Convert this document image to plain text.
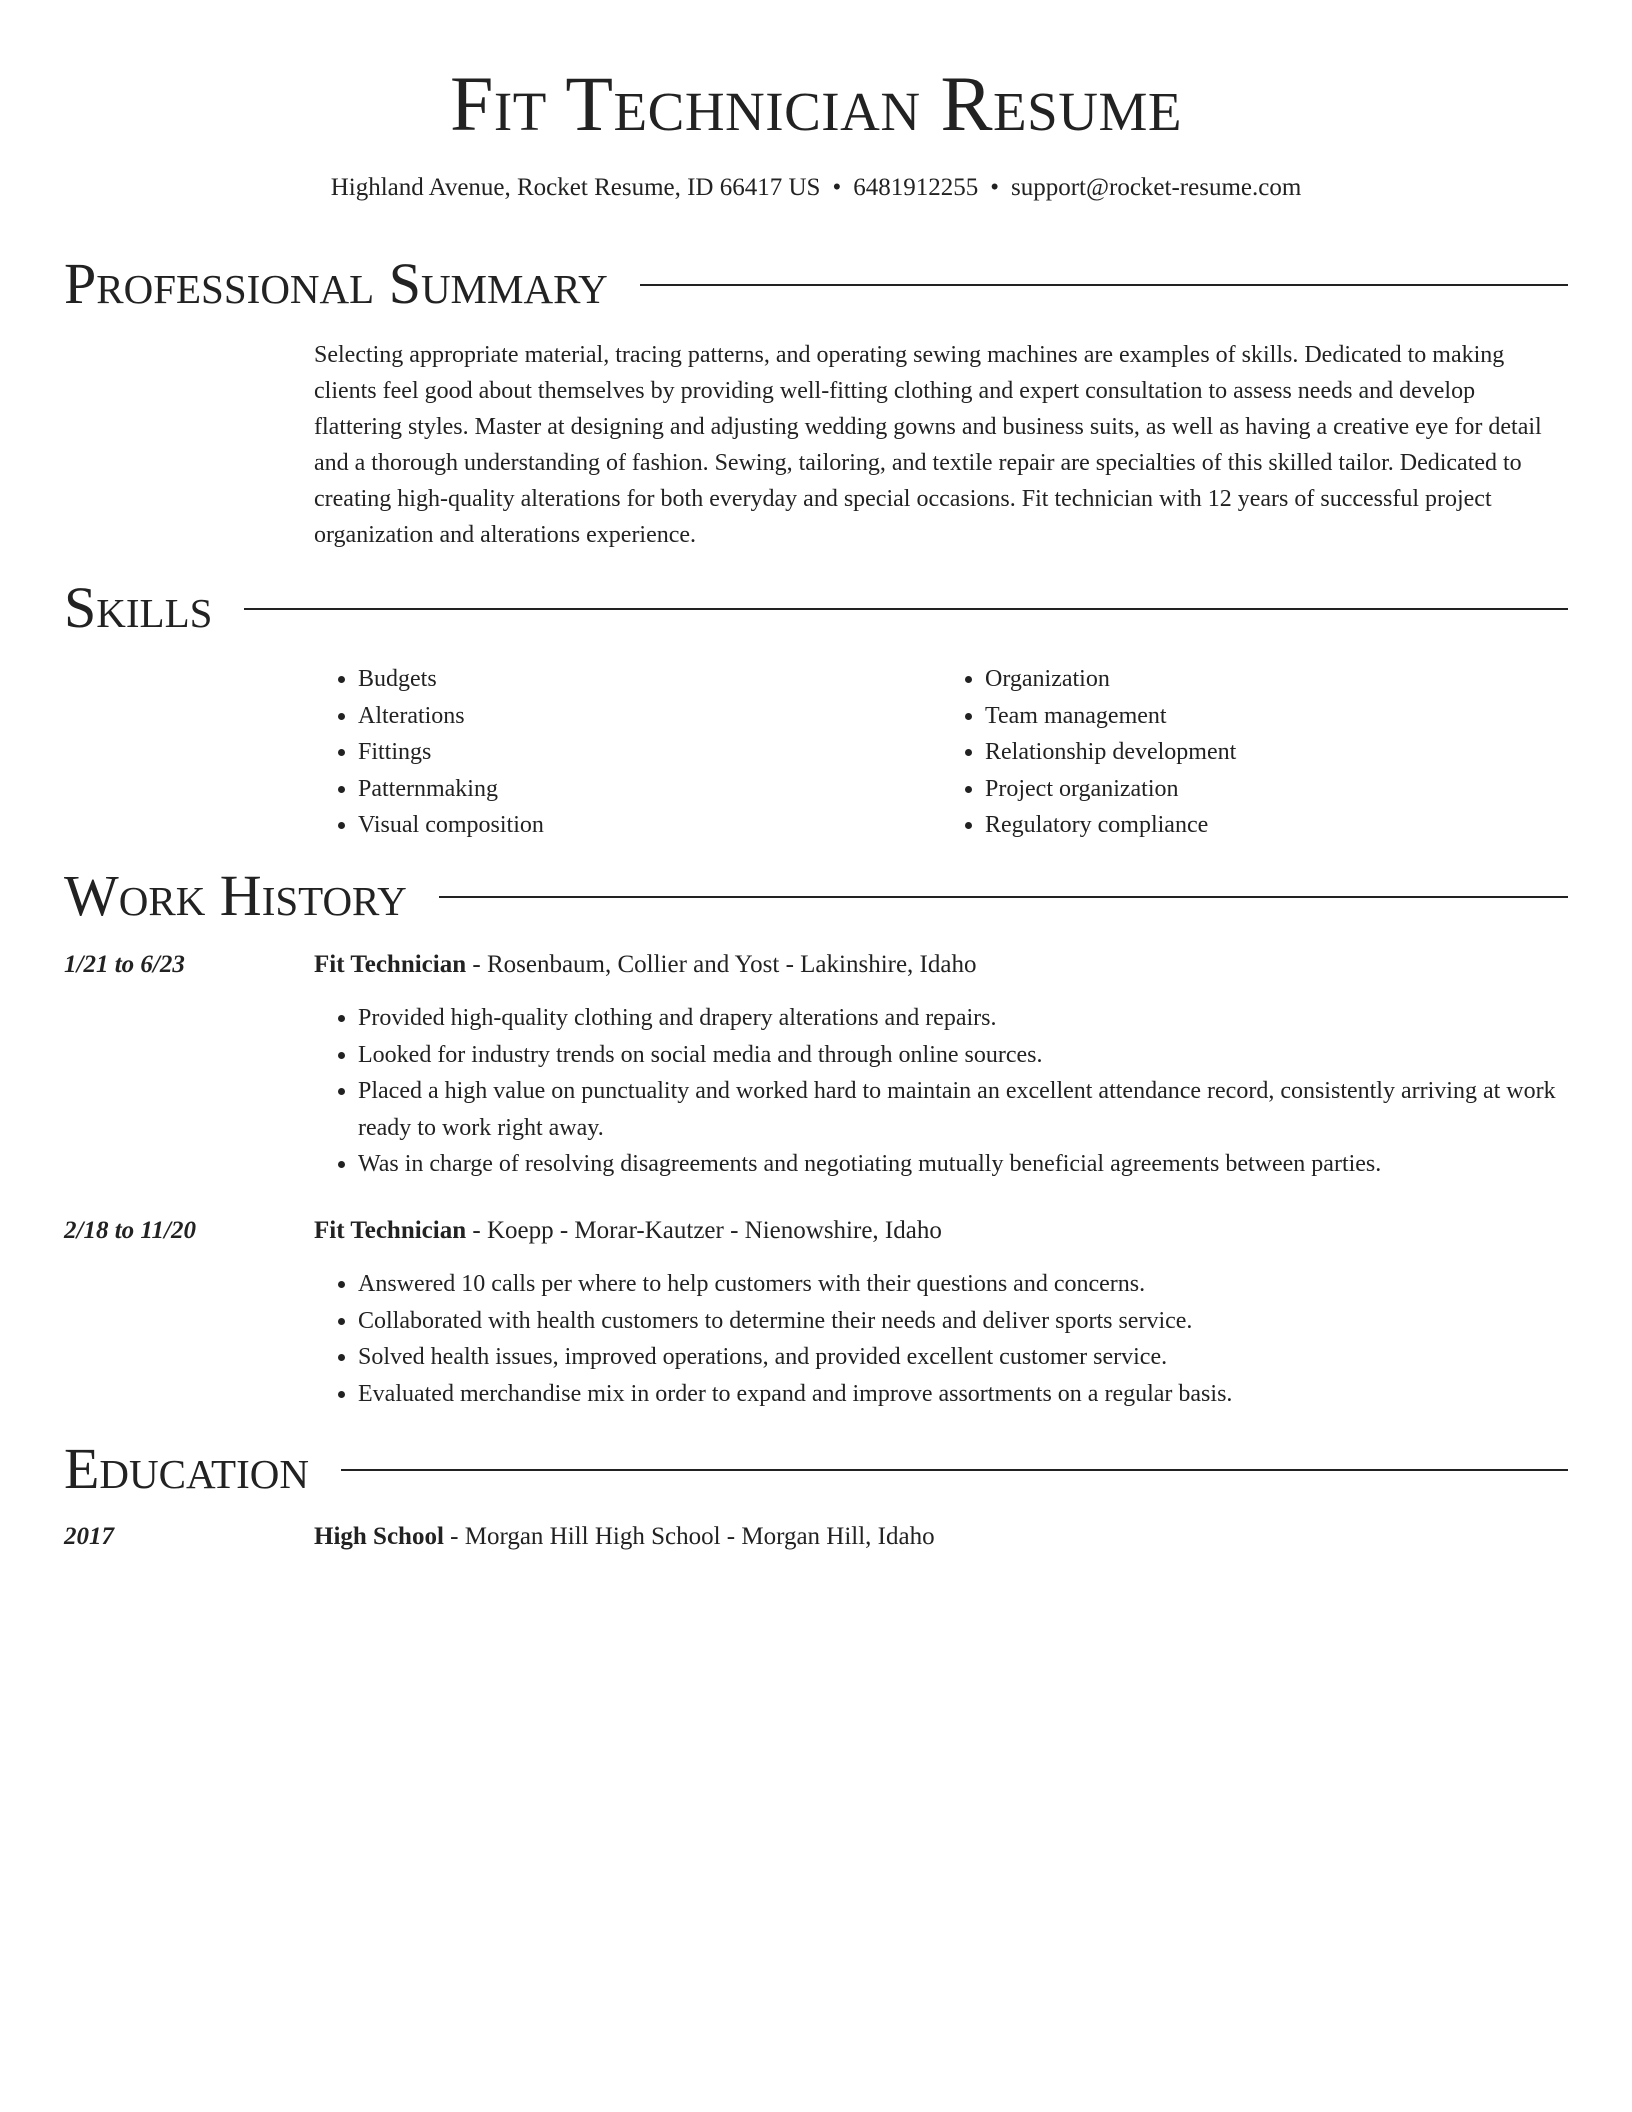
Fit Technician Resume

Highland Avenue, Rocket Resume, ID 66417 US • 6481912255 • support@rocket-resume.com

Professional Summary

Selecting appropriate material, tracing patterns, and operating sewing machines are examples of skills. Dedicated to making clients feel good about themselves by providing well-fitting clothing and expert consultation to assess needs and develop flattering styles. Master at designing and adjusting wedding gowns and business suits, as well as having a creative eye for detail and a thorough understanding of fashion. Sewing, tailoring, and textile repair are specialties of this skilled tailor. Dedicated to creating high-quality alterations for both everyday and special occasions. Fit technician with 12 years of successful project organization and alterations experience.

Skills
• Budgets
• Alterations
• Fittings
• Patternmaking
• Visual composition
• Organization
• Team management
• Relationship development
• Project organization
• Regulatory compliance
Work History
1/21 to 6/23	Fit Technician - Rosenbaum, Collier and Yost - Lakinshire, Idaho
• Provided high-quality clothing and drapery alterations and repairs.
• Looked for industry trends on social media and through online sources.
• Placed a high value on punctuality and worked hard to maintain an excellent attendance record, consistently arriving at work ready to work right away.
• Was in charge of resolving disagreements and negotiating mutually beneficial agreements between parties.
2/18 to 11/20	Fit Technician - Koepp - Morar-Kautzer - Nienowshire, Idaho
• Answered 10 calls per where to help customers with their questions and concerns.
• Collaborated with health customers to determine their needs and deliver sports service.
• Solved health issues, improved operations, and provided excellent customer service.
• Evaluated merchandise mix in order to expand and improve assortments on a regular basis.
Education
2017	High School - Morgan Hill High School - Morgan Hill, Idaho
